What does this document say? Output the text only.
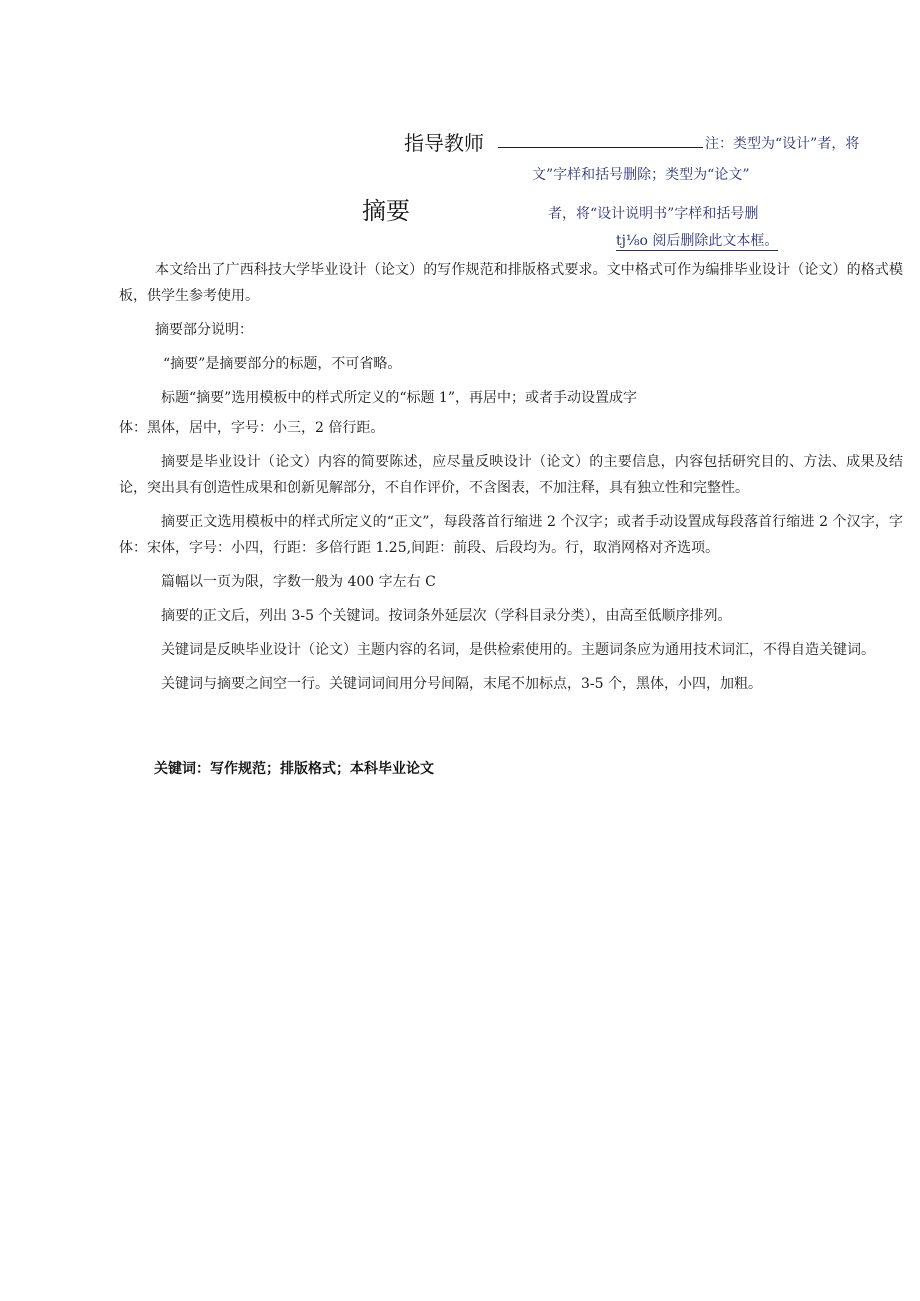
指导教师	注：类型为“设计”者，将
文”字样和括号删除；类型为“论文”
者，将“设计说明书”字样和括号删
tj⅛o 阅后删除此文本框。
摘要

本文给出了广西科技大学毕业设计（论文）的写作规范和排版格式要求。文中格式可作为编排毕业设计（论文）的格式模板，供学生参考使用。

摘要部分说明：

“摘要”是摘要部分的标题，不可省略。

标题“摘要”选用模板中的样式所定义的“标题 1”，再居中；或者手动设置成字

体：黑体，居中，字号：小三，2 倍行距。

摘要是毕业设计（论文）内容的简要陈述，应尽量反映设计（论文）的主要信息，内容包括研究目的、方法、成果及结论，突出具有创造性成果和创新见解部分，不自作评价，不含图表，不加注释，具有独立性和完整性。

摘要正文选用模板中的样式所定义的“正文”，每段落首行缩进 2 个汉字；或者手动设置成每段落首行缩进 2 个汉字，字体：宋体，字号：小四，行距：多倍行距 1.25,间距：前段、后段均为。行，取消网格对齐选项。

篇幅以一页为限，字数一般为 400 字左右 C

摘要的正文后，列出 3-5 个关键词。按词条外延层次（学科目录分类），由高至低顺序排列。

关键词是反映毕业设计（论文）主题内容的名词，是供检索使用的。主题词条应为通用技术词汇，不得自造关键词。

关键词与摘要之间空一行。关键词词间用分号间隔，末尾不加标点，3-5 个，黑体，小四，加粗。

关键词：写作规范；排版格式；本科毕业论文
